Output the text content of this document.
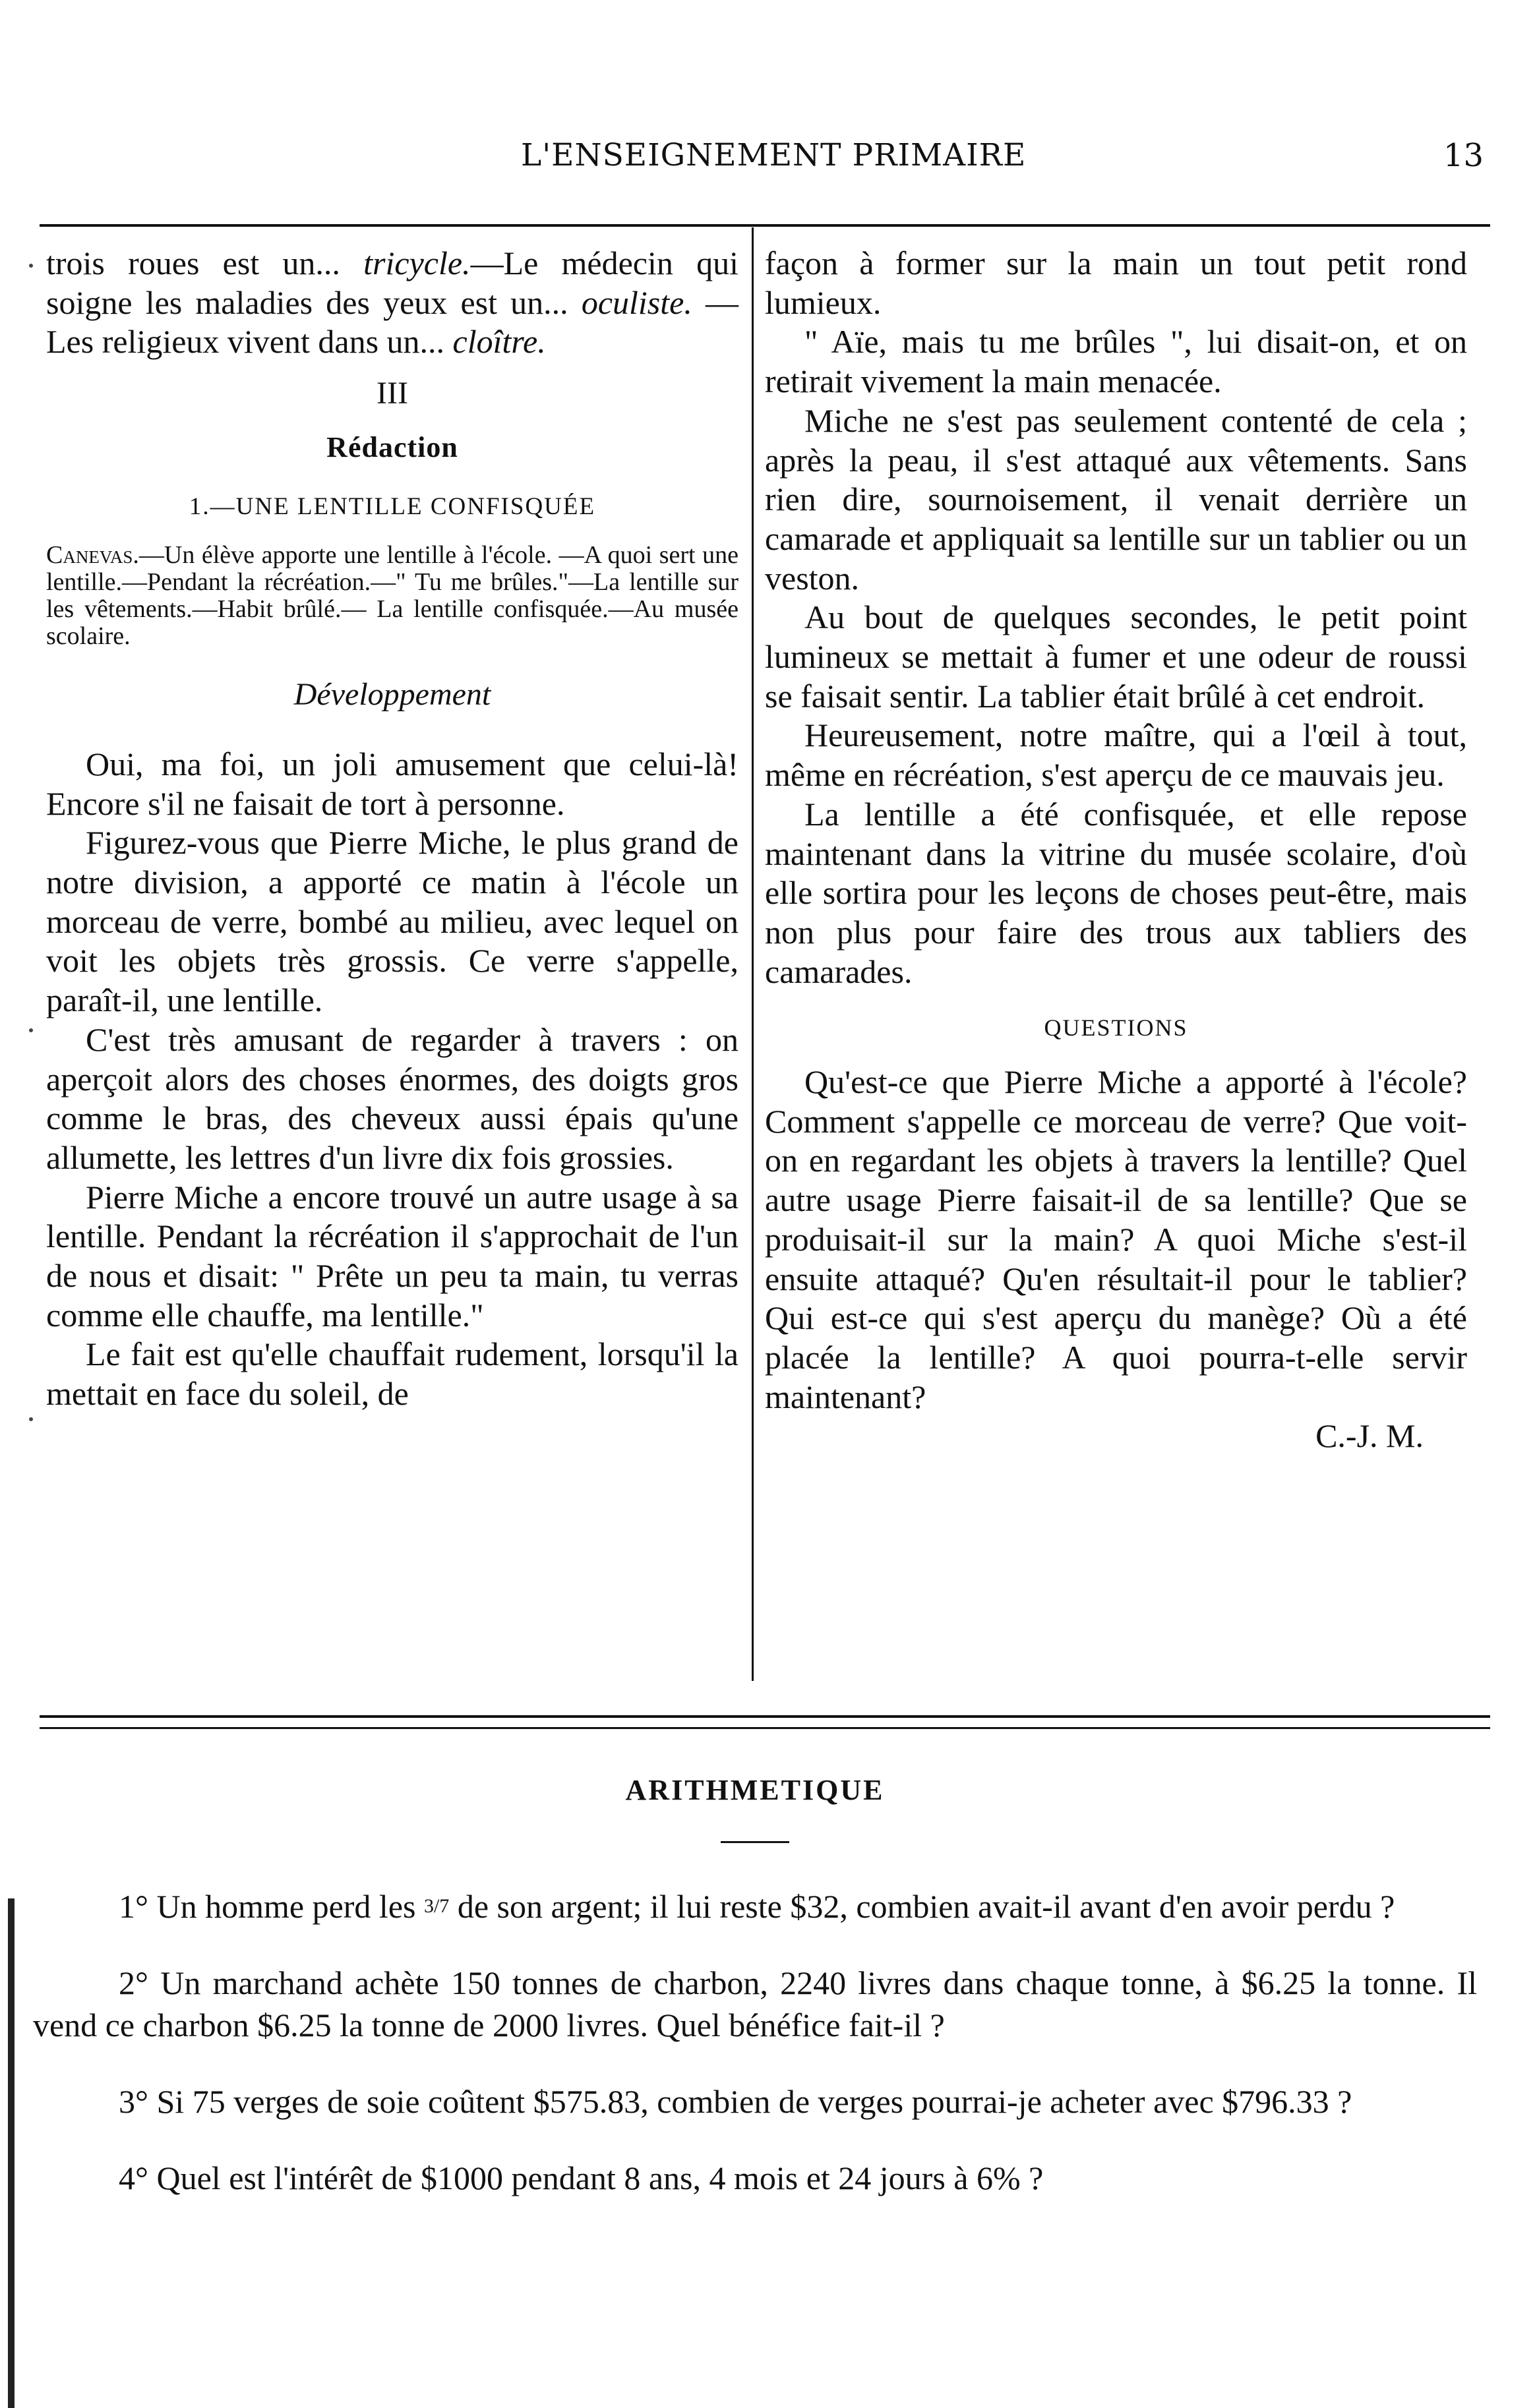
L'ENSEIGNEMENT PRIMAIRE	13

trois roues est un... tricycle.—Le médecin qui soigne les maladies des yeux est un... oculiste. —Les religieux vivent dans un... cloître.

III
Rédaction
1.—UNE LENTILLE CONFISQUÉE

Canevas.—Un élève apporte une lentille à l'école. —A quoi sert une lentille.—Pendant la récréation.—" Tu me brûles."—La lentille sur les vêtements.—Habit brûlé.— La lentille confisquée.—Au musée scolaire.

Développement

Oui, ma foi, un joli amusement que celui-là! Encore s'il ne faisait de tort à personne.

Figurez-vous que Pierre Miche, le plus grand de notre division, a apporté ce matin à l'école un morceau de verre, bombé au milieu, avec lequel on voit les objets très grossis. Ce verre s'appelle, paraît-il, une lentille.

C'est très amusant de regarder à travers : on aperçoit alors des choses énormes, des doigts gros comme le bras, des cheveux aussi épais qu'une allumette, les lettres d'un livre dix fois grossies.

Pierre Miche a encore trouvé un autre usage à sa lentille. Pendant la récréation il s'approchait de l'un de nous et disait: " Prête un peu ta main, tu verras comme elle chauffe, ma lentille."

Le fait est qu'elle chauffait rudement, lorsqu'il la mettait en face du soleil, de

façon à former sur la main un tout petit rond lumieux.

" Aïe, mais tu me brûles ", lui disait-on, et on retirait vivement la main menacée.

Miche ne s'est pas seulement contenté de cela ; après la peau, il s'est attaqué aux vêtements. Sans rien dire, sournoisement, il venait derrière un camarade et appliquait sa lentille sur un tablier ou un veston.

Au bout de quelques secondes, le petit point lumineux se mettait à fumer et une odeur de roussi se faisait sentir. La tablier était brûlé à cet endroit.

Heureusement, notre maître, qui a l'œil à tout, même en récréation, s'est aperçu de ce mauvais jeu.

La lentille a été confisquée, et elle repose maintenant dans la vitrine du musée scolaire, d'où elle sortira pour les leçons de choses peut-être, mais non plus pour faire des trous aux tabliers des camarades.

QUESTIONS

Qu'est-ce que Pierre Miche a apporté à l'école? Comment s'appelle ce morceau de verre? Que voit-on en regardant les objets à travers la lentille? Quel autre usage Pierre faisait-il de sa lentille? Que se produisait-il sur la main? A quoi Miche s'est-il ensuite attaqué? Qu'en résultait-il pour le tablier? Qui est-ce qui s'est aperçu du manège? Où a été placée la lentille? A quoi pourra-t-elle servir maintenant?

C.-J. M.

ARITHMETIQUE

1° Un homme perd les 3/7 de son argent; il lui reste $32, combien avait-il avant d'en avoir perdu ?

2° Un marchand achète 150 tonnes de charbon, 2240 livres dans chaque tonne, à $6.25 la tonne. Il vend ce charbon $6.25 la tonne de 2000 livres. Quel bénéfice fait-il ?

3° Si 75 verges de soie coûtent $575.83, combien de verges pourrai-je acheter avec $796.33 ?

4° Quel est l'intérêt de $1000 pendant 8 ans, 4 mois et 24 jours à 6% ?
